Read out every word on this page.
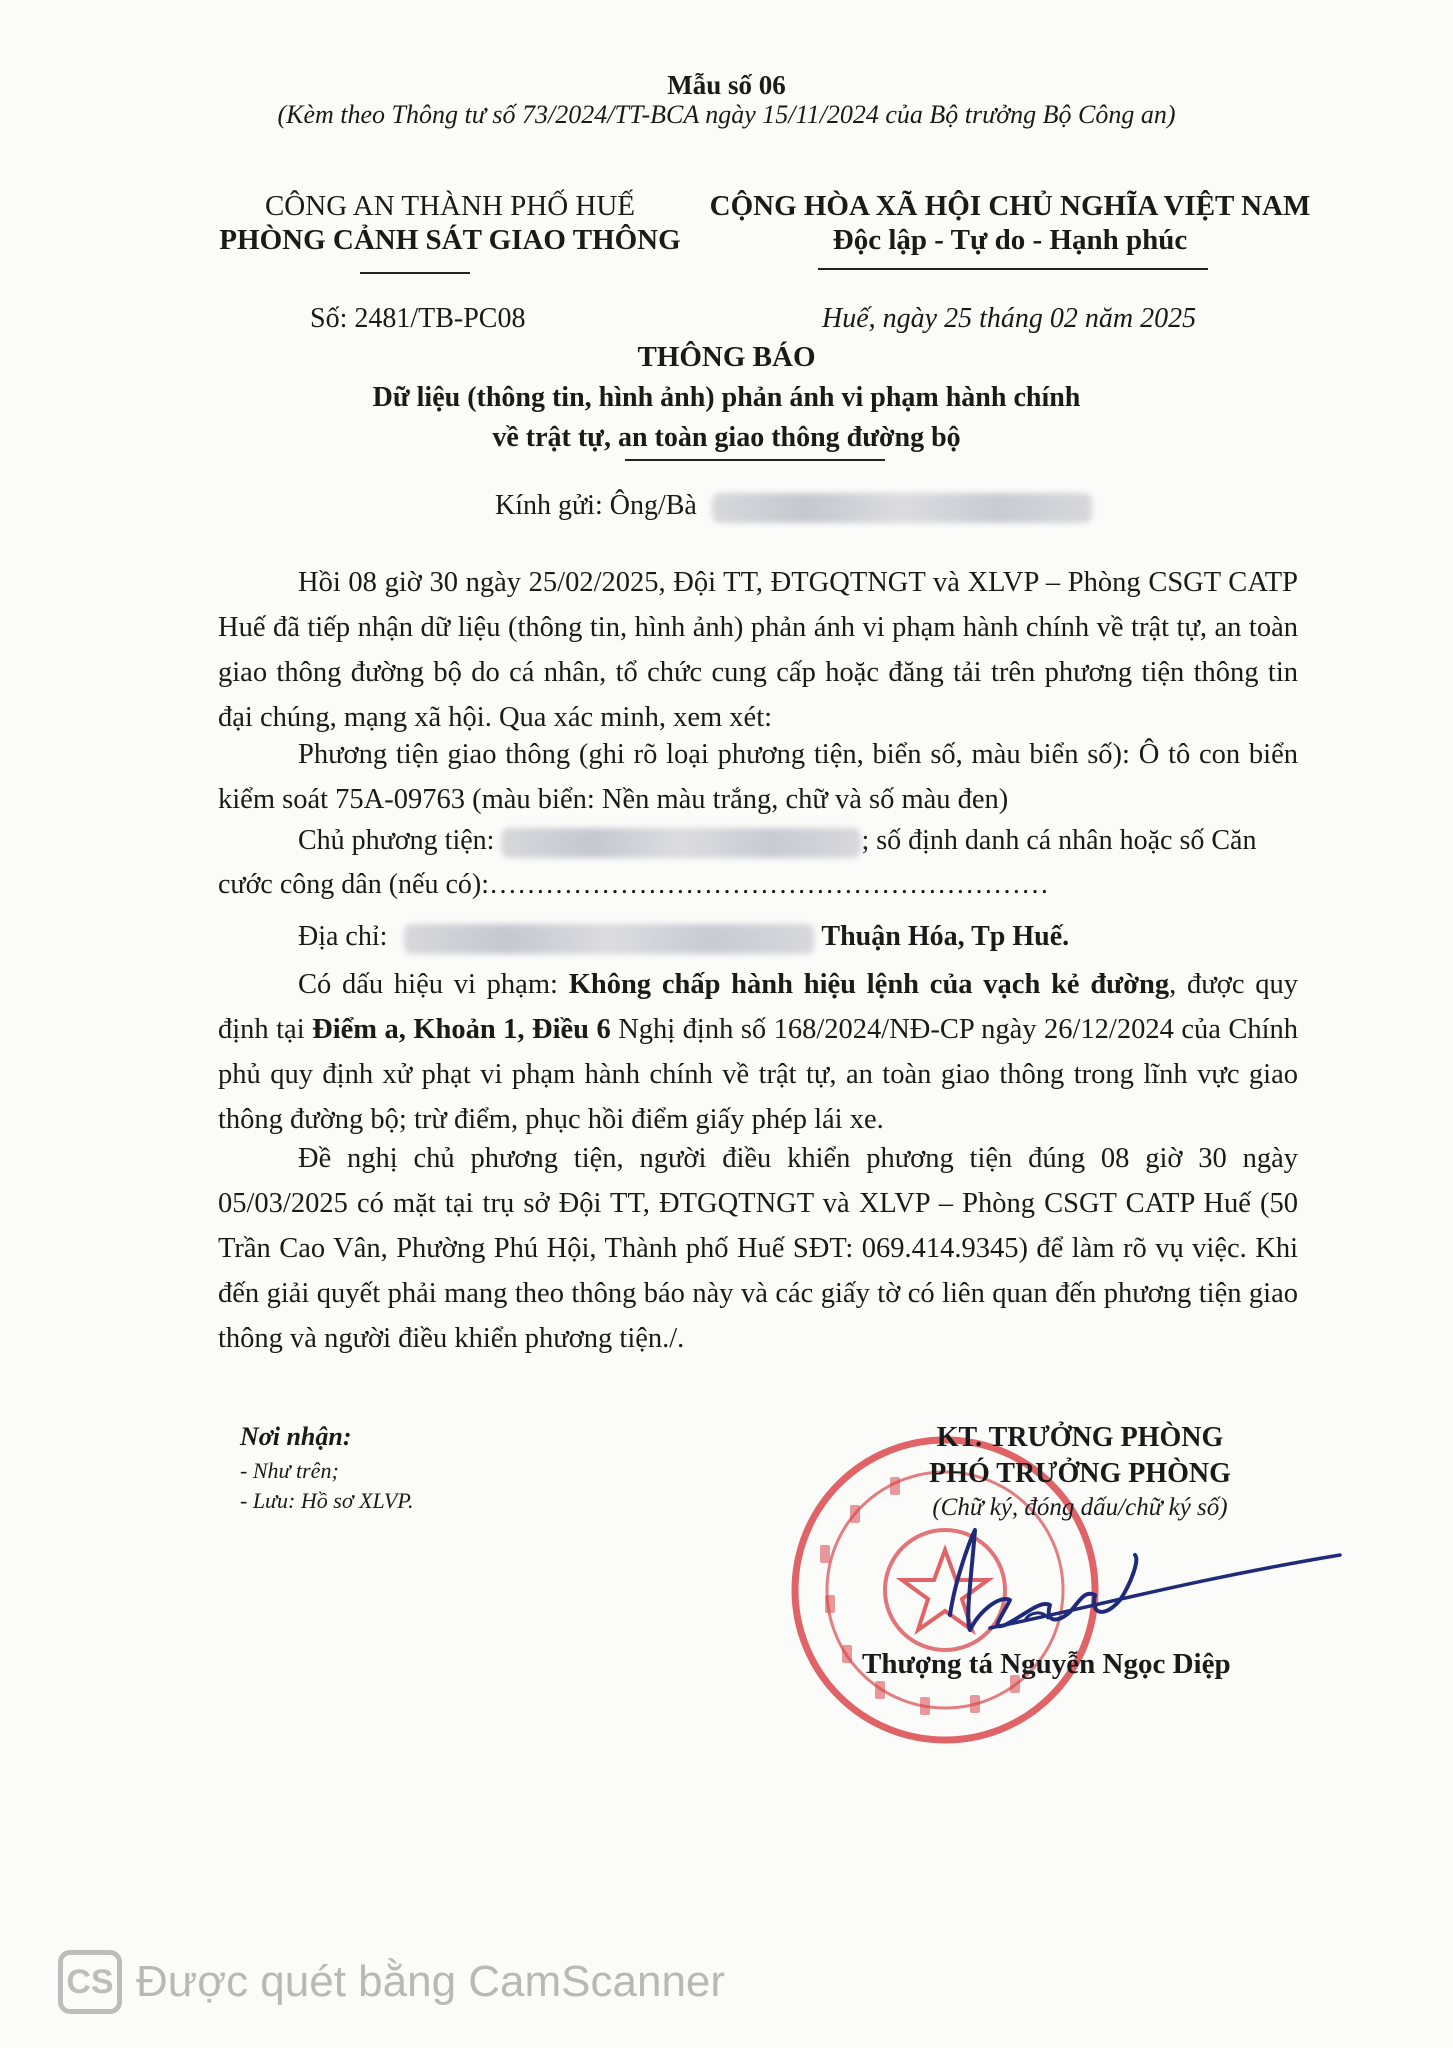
Mẫu số 06
(Kèm theo Thông tư số 73/2024/TT-BCA ngày 15/11/2024 của Bộ trưởng Bộ Công an)
CÔNG AN THÀNH PHỐ HUẾ
PHÒNG CẢNH SÁT GIAO THÔNG
CỘNG HÒA XÃ HỘI CHỦ NGHĨA VIỆT NAM
Độc lập - Tự do - Hạnh phúc
Số: 2481/TB-PC08	Huế, ngày 25 tháng 02 năm 2025
THÔNG BÁO
Dữ liệu (thông tin, hình ảnh) phản ánh vi phạm hành chính
về trật tự, an toàn giao thông đường bộ
Kính gửi: Ông/Bà
Hồi 08 giờ 30 ngày 25/02/2025, Đội TT, ĐTGQTNGT và XLVP – Phòng CSGT CATP Huế đã tiếp nhận dữ liệu (thông tin, hình ảnh) phản ánh vi phạm hành chính về trật tự, an toàn giao thông đường bộ do cá nhân, tổ chức cung cấp hoặc đăng tải trên phương tiện thông tin đại chúng, mạng xã hội. Qua xác minh, xem xét:
Phương tiện giao thông (ghi rõ loại phương tiện, biển số, màu biển số): Ô tô con biển kiểm soát 75A-09763 (màu biển: Nền màu trắng, chữ và số màu đen)
Chủ phương tiện:	; số định danh cá nhân hoặc số Căn
cước công dân (nếu có):……………………………………………………
Địa chỉ:	Thuận Hóa, Tp Huế.
Có dấu hiệu vi phạm: Không chấp hành hiệu lệnh của vạch kẻ đường, được quy định tại Điểm a, Khoản 1, Điều 6 Nghị định số 168/2024/NĐ-CP ngày 26/12/2024 của Chính phủ quy định xử phạt vi phạm hành chính về trật tự, an toàn giao thông trong lĩnh vực giao thông đường bộ; trừ điểm, phục hồi điểm giấy phép lái xe.
Đề nghị chủ phương tiện, người điều khiển phương tiện đúng 08 giờ 30 ngày 05/03/2025 có mặt tại trụ sở Đội TT, ĐTGQTNGT và XLVP – Phòng CSGT CATP Huế (50 Trần Cao Vân, Phường Phú Hội, Thành phố Huế SĐT: 069.414.9345) để làm rõ vụ việc. Khi đến giải quyết phải mang theo thông báo này và các giấy tờ có liên quan đến phương tiện giao thông và người điều khiển phương tiện./.
Nơi nhận:
- Như trên;
- Lưu: Hồ sơ XLVP.
KT. TRƯỞNG PHÒNG
PHÓ TRƯỞNG PHÒNG
(Chữ ký, đóng dấu/chữ ký số)
Thượng tá Nguyễn Ngọc Diệp
CS Được quét bằng CamScanner
